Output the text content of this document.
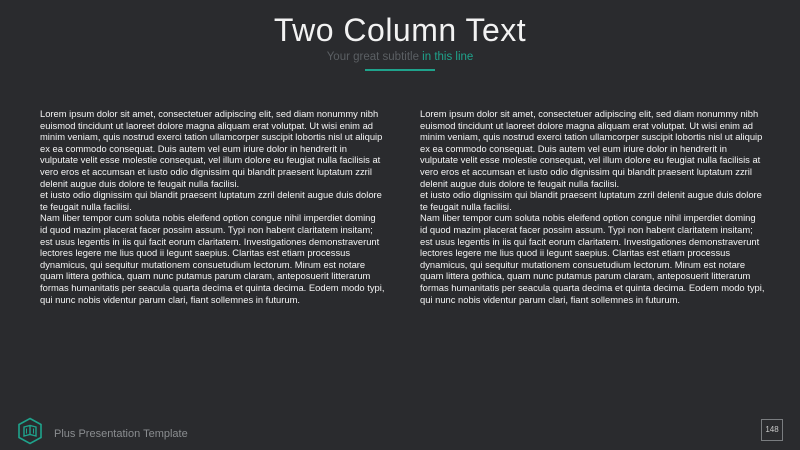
Two Column Text
Your great subtitle in this line

Lorem ipsum dolor sit amet, consectetuer adipiscing elit, sed diam nonummy nibh euismod tincidunt ut laoreet dolore magna aliquam erat volutpat. Ut wisi enim ad minim veniam, quis nostrud exerci tation ullamcorper suscipit lobortis nisl ut aliquip ex ea commodo consequat. Duis autem vel eum iriure dolor in hendrerit in vulputate velit esse molestie consequat, vel illum dolore eu feugiat nulla facilisis at vero eros et accumsan et iusto odio dignissim qui blandit praesent luptatum zzril delenit augue duis dolore te feugait nulla facilisi.

et iusto odio dignissim qui blandit praesent luptatum zzril delenit augue duis dolore te feugait nulla facilisi.

Nam liber tempor cum soluta nobis eleifend option congue nihil imperdiet doming id quod mazim placerat facer possim assum. Typi non habent claritatem insitam; est usus legentis in iis qui facit eorum claritatem. Investigationes demonstraverunt lectores legere me lius quod ii legunt saepius. Claritas est etiam processus dynamicus, qui sequitur mutationem consuetudium lectorum. Mirum est notare quam littera gothica, quam nunc putamus parum claram, anteposuerit litterarum formas humanitatis per seacula quarta decima et quinta decima. Eodem modo typi, qui nunc nobis videntur parum clari, fiant sollemnes in futurum.

Lorem ipsum dolor sit amet, consectetuer adipiscing elit, sed diam nonummy nibh euismod tincidunt ut laoreet dolore magna aliquam erat volutpat. Ut wisi enim ad minim veniam, quis nostrud exerci tation ullamcorper suscipit lobortis nisl ut aliquip ex ea commodo consequat. Duis autem vel eum iriure dolor in hendrerit in vulputate velit esse molestie consequat, vel illum dolore eu feugiat nulla facilisis at vero eros et accumsan et iusto odio dignissim qui blandit praesent luptatum zzril delenit augue duis dolore te feugait nulla facilisi.

et iusto odio dignissim qui blandit praesent luptatum zzril delenit augue duis dolore te feugait nulla facilisi.

Nam liber tempor cum soluta nobis eleifend option congue nihil imperdiet doming id quod mazim placerat facer possim assum. Typi non habent claritatem insitam; est usus legentis in iis qui facit eorum claritatem. Investigationes demonstraverunt lectores legere me lius quod ii legunt saepius. Claritas est etiam processus dynamicus, qui sequitur mutationem consuetudium lectorum. Mirum est notare quam littera gothica, quam nunc putamus parum claram, anteposuerit litterarum formas humanitatis per seacula quarta decima et quinta decima. Eodem modo typi, qui nunc nobis videntur parum clari, fiant sollemnes in futurum.

Plus Presentation Template	148
